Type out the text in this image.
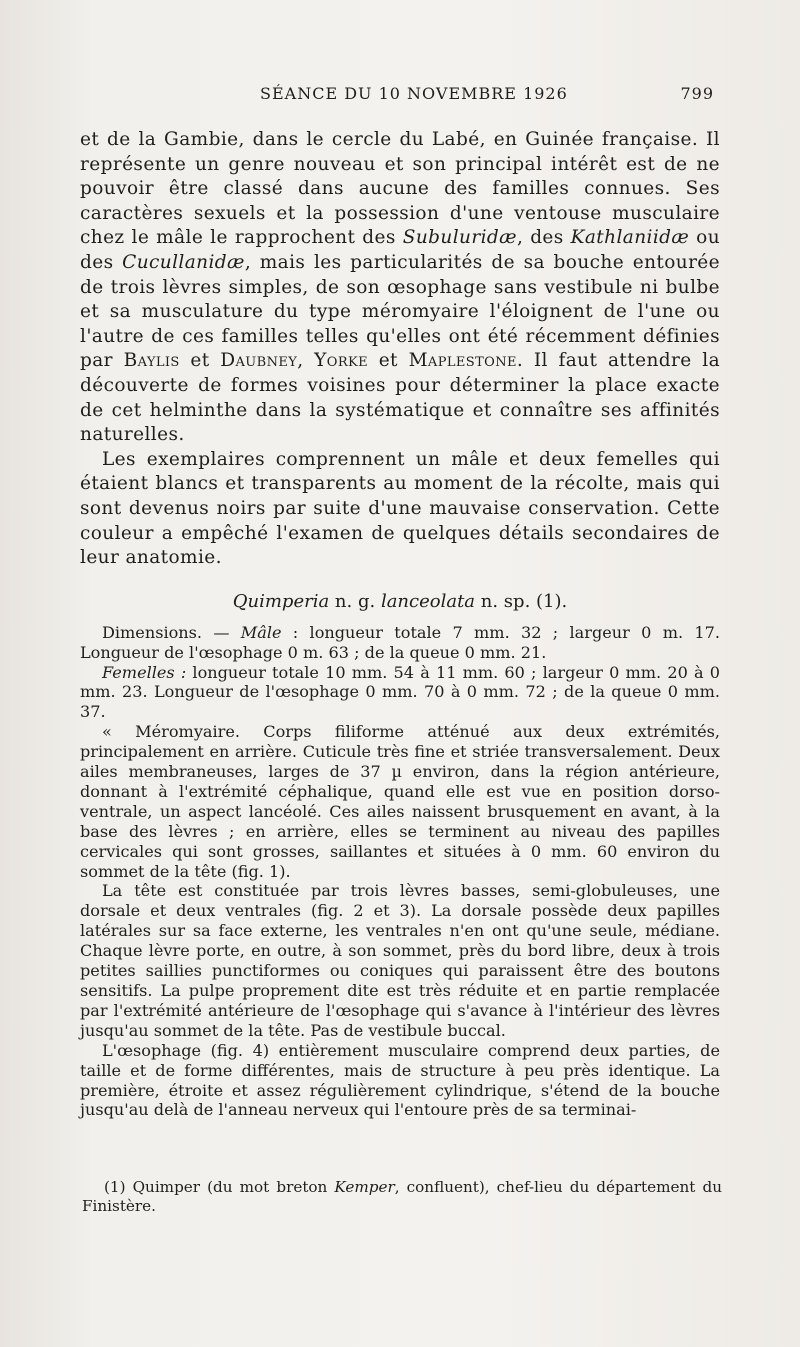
SÉANCE DU 10 NOVEMBRE 1926	799

et de la Gambie, dans le cercle du Labé, en Guinée française. Il représente un genre nouveau et son principal intérêt est de ne pouvoir être classé dans aucune des familles connues. Ses caractères sexuels et la possession d'une ventouse musculaire chez le mâle le rapprochent des Subuluridæ, des Kathlaniidæ ou des Cucullanidæ, mais les particularités de sa bouche entourée de trois lèvres simples, de son œsophage sans vestibule ni bulbe et sa musculature du type méromyaire l'éloignent de l'une ou l'autre de ces familles telles qu'elles ont été récemment définies par Baylis et Daubney, Yorke et Maplestone. Il faut attendre la découverte de formes voisines pour déterminer la place exacte de cet helminthe dans la systématique et connaître ses affinités naturelles.

Les exemplaires comprennent un mâle et deux femelles qui étaient blancs et transparents au moment de la récolte, mais qui sont devenus noirs par suite d'une mauvaise conservation. Cette couleur a empêché l'examen de quelques détails secondaires de leur anatomie.

Quimperia n. g. lanceolata n. sp. (1).

Dimensions. — Mâle : longueur totale 7 mm. 32 ; largeur 0 m. 17. Longueur de l'œsophage 0 m. 63 ; de la queue 0 mm. 21.

Femelles : longueur totale 10 mm. 54 à 11 mm. 60 ; largeur 0 mm. 20 à 0 mm. 23. Longueur de l'œsophage 0 mm. 70 à 0 mm. 72 ; de la queue 0 mm. 37.

« Méromyaire. Corps filiforme atténué aux deux extrémités, principalement en arrière. Cuticule très fine et striée transversalement. Deux ailes membraneuses, larges de 37 µ environ, dans la région antérieure, donnant à l'extrémité céphalique, quand elle est vue en position dorso-ventrale, un aspect lancéolé. Ces ailes naissent brusquement en avant, à la base des lèvres ; en arrière, elles se terminent au niveau des papilles cervicales qui sont grosses, saillantes et situées à 0 mm. 60 environ du sommet de la tête (fig. 1).

La tête est constituée par trois lèvres basses, semi-globuleuses, une dorsale et deux ventrales (fig. 2 et 3). La dorsale possède deux papilles latérales sur sa face externe, les ventrales n'en ont qu'une seule, médiane. Chaque lèvre porte, en outre, à son sommet, près du bord libre, deux à trois petites saillies punctiformes ou coniques qui paraissent être des boutons sensitifs. La pulpe proprement dite est très réduite et en partie remplacée par l'extrémité antérieure de l'œsophage qui s'avance à l'intérieur des lèvres jusqu'au sommet de la tête. Pas de vestibule buccal.

L'œsophage (fig. 4) entièrement musculaire comprend deux parties, de taille et de forme différentes, mais de structure à peu près identique. La première, étroite et assez régulièrement cylindrique, s'étend de la bouche jusqu'au delà de l'anneau nerveux qui l'entoure près de sa terminai-

(1) Quimper (du mot breton Kemper, confluent), chef-lieu du département du Finistère.
